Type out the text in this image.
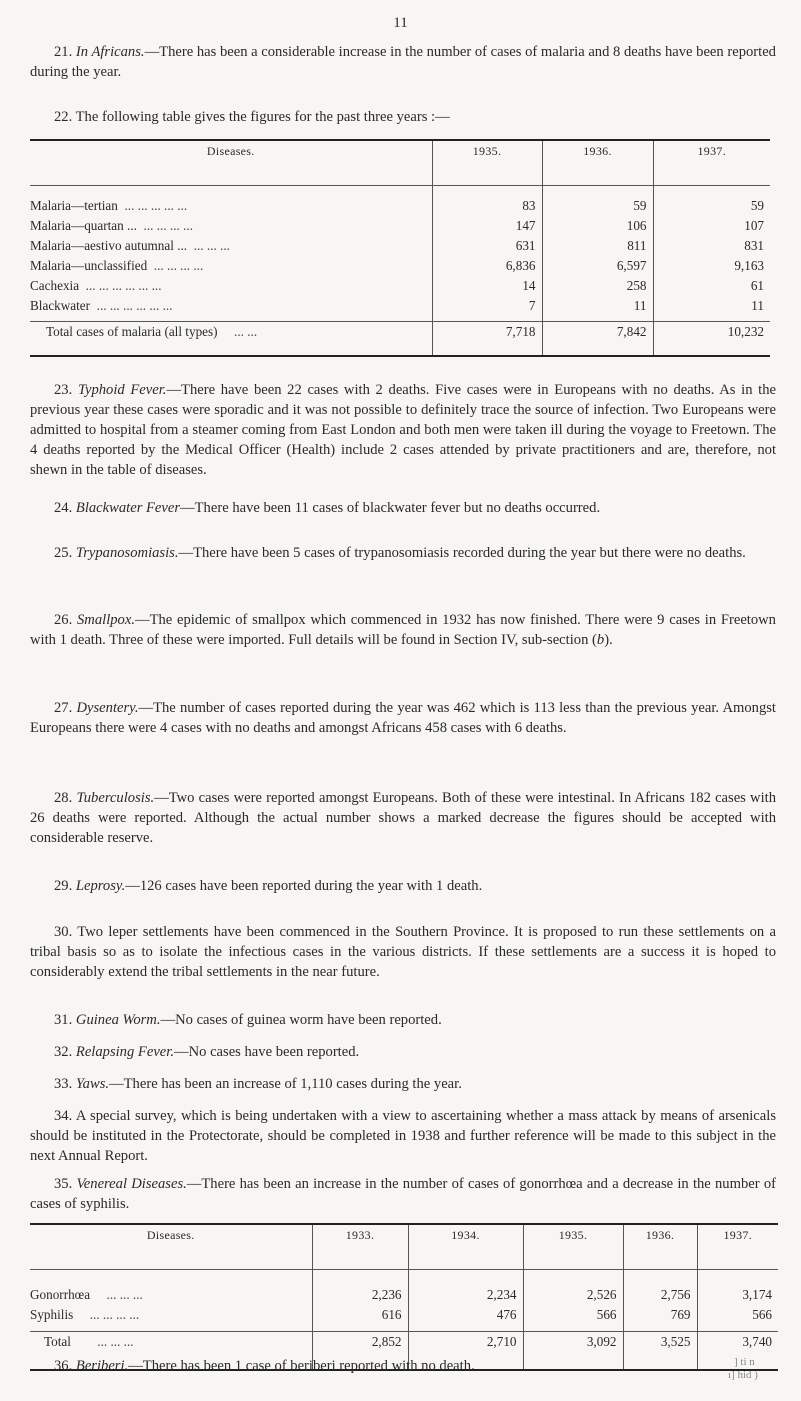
11

21. In Africans.—There has been a considerable increase in the number of cases of malaria and 8 deaths have been reported during the year.

22. The following table gives the figures for the past three years :—

Diseases.	1935.	1936.	1937.
Malaria—tertian ... ... ... ... ...	83	59	59
Malaria—quartan ... ... ... ... ...	147	106	107
Malaria—aestivo autumnal ... ... ... ...	631	811	831
Malaria—unclassified ... ... ... ...	6,836	6,597	9,163
Cachexia ... ... ... ... ... ...	14	258	61
Blackwater ... ... ... ... ... ...	7	11	11
Total cases of malaria (all types) ... ...	7,718	7,842	10,232

23. Typhoid Fever.—There have been 22 cases with 2 deaths. Five cases were in Europeans with no deaths. As in the previous year these cases were sporadic and it was not possible to definitely trace the source of infection. Two Europeans were admitted to hospital from a steamer coming from East London and both men were taken ill during the voyage to Freetown. The 4 deaths reported by the Medical Officer (Health) include 2 cases attended by private practitioners and are, therefore, not shewn in the table of diseases.

24. Blackwater Fever—There have been 11 cases of blackwater fever but no deaths occurred.

25. Trypanosomiasis.—There have been 5 cases of trypanosomiasis recorded during the year but there were no deaths.

26. Smallpox.—The epidemic of smallpox which commenced in 1932 has now finished. There were 9 cases in Freetown with 1 death. Three of these were imported. Full details will be found in Section IV, sub-section (b).

27. Dysentery.—The number of cases reported during the year was 462 which is 113 less than the previous year. Amongst Europeans there were 4 cases with no deaths and amongst Africans 458 cases with 6 deaths.

28. Tuberculosis.—Two cases were reported amongst Europeans. Both of these were intestinal. In Africans 182 cases with 26 deaths were reported. Although the actual number shows a marked decrease the figures should be accepted with considerable reserve.

29. Leprosy.—126 cases have been reported during the year with 1 death.

30. Two leper settlements have been commenced in the Southern Province. It is proposed to run these settlements on a tribal basis so as to isolate the infectious cases in the various districts. If these settlements are a success it is hoped to considerably extend the tribal settlements in the near future.

31. Guinea Worm.—No cases of guinea worm have been reported.

32. Relapsing Fever.—No cases have been reported.

33. Yaws.—There has been an increase of 1,110 cases during the year.

34. A special survey, which is being undertaken with a view to ascertaining whether a mass attack by means of arsenicals should be instituted in the Protectorate, should be completed in 1938 and further reference will be made to this subject in the next Annual Report.

35. Venereal Diseases.—There has been an increase in the number of cases of gonorrhœa and a decrease in the number of cases of syphilis.

Diseases.	1933.	1934.	1935.	1936.	1937.
Gonorrhœa ... ... ...	2,236	2,234	2,526	2,756	3,174
Syphilis ... ... ... ...	616	476	566	769	566
Total ... ... ...	2,852	2,710	3,092	3,525	3,740

36. Beriberi.—There has been 1 case of beriberi reported with no death.	] ti n
ı] hid )
